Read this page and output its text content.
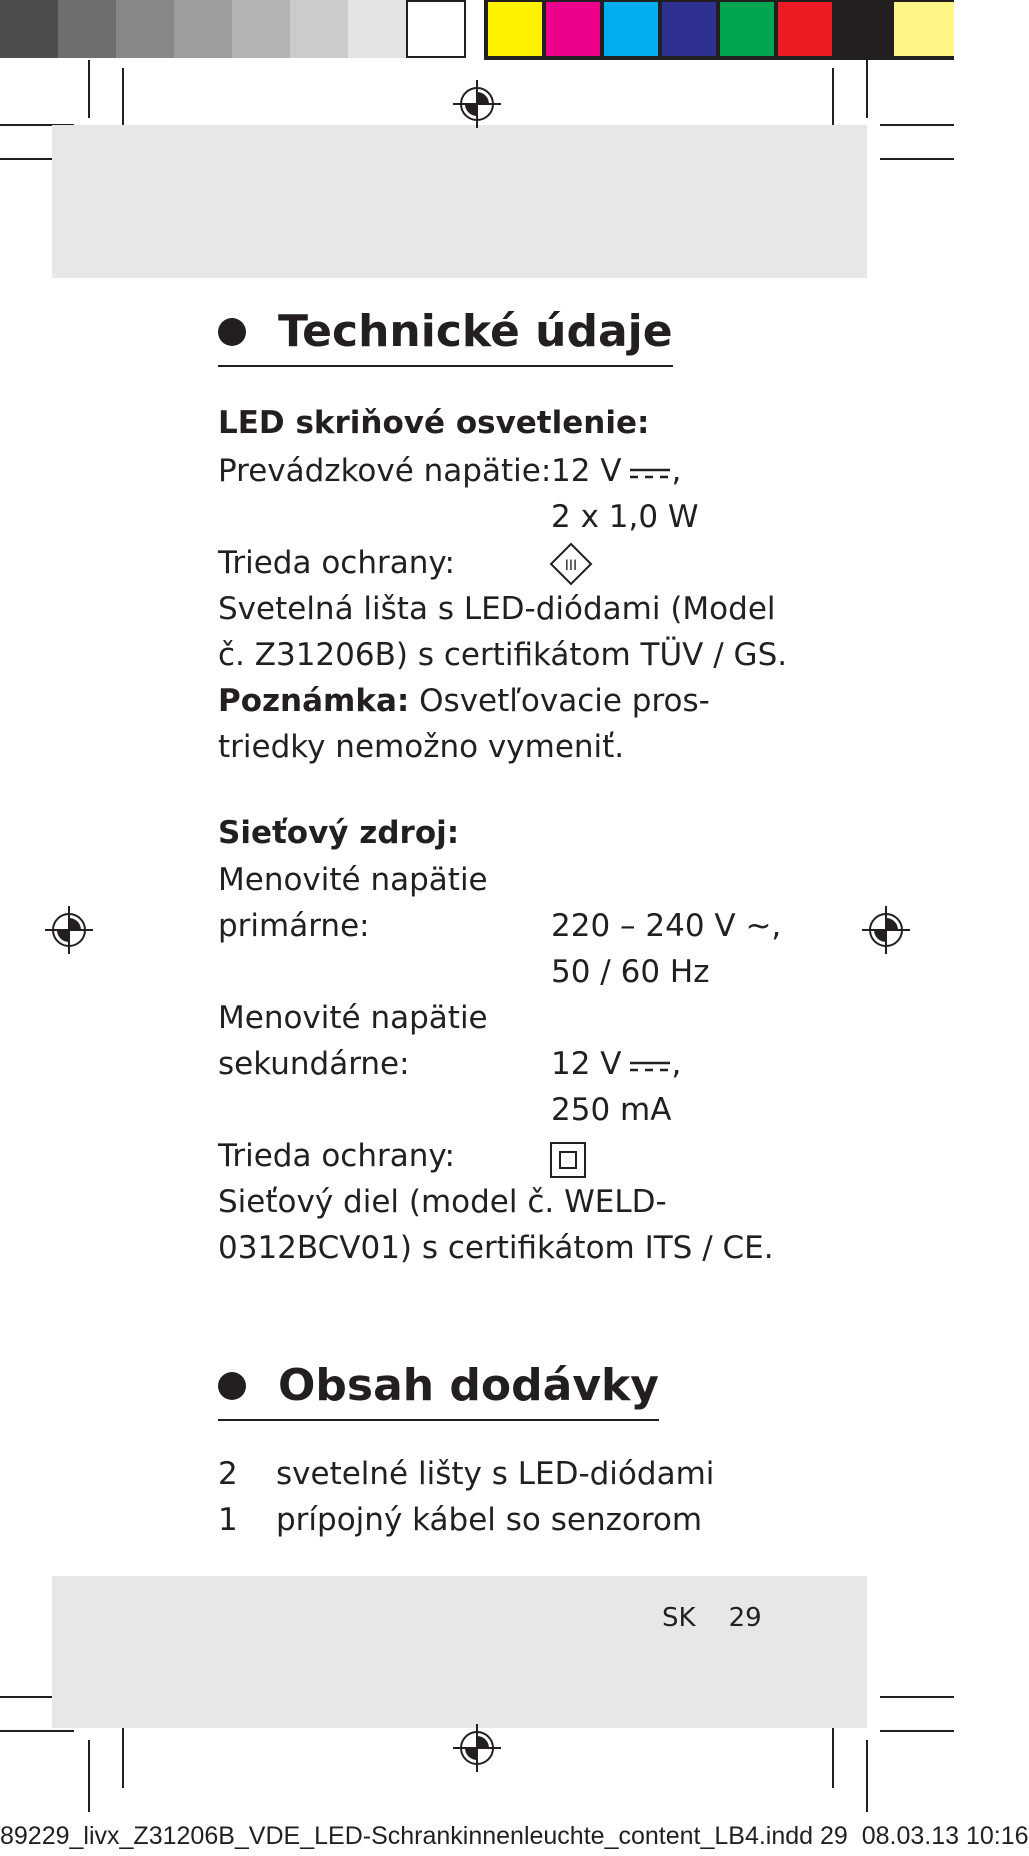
Technické údaje
LED skriňové osvetlenie:
Prevádzkové napätie: 12 V ,
2 x 1,0 W
Trieda ochrany:	III
Svetelná lišta s LED-diódami (Model
č. Z31206B) s certifikátom TÜV / GS.
Poznámka: Osvetľovacie pros-
triedky nemožno vymeniť.
Sieťový zdroj:
Menovité napätie
primárne:	220 – 240 V ~,
50 / 60 Hz
Menovité napätie
sekundárne:	12 V ,
250 mA
Trieda ochrany:
Sieťový diel (model č. WELD-
0312BCV01) s certifikátom ITS / CE.
Obsah dodávky
2 svetelné lišty s LED-diódami
1 prípojný kábel so senzorom
SK 29
89229_livx_Z31206B_VDE_LED-Schrankinnenleuchte_content_LB4.indd 29 08.03.13 10:16
